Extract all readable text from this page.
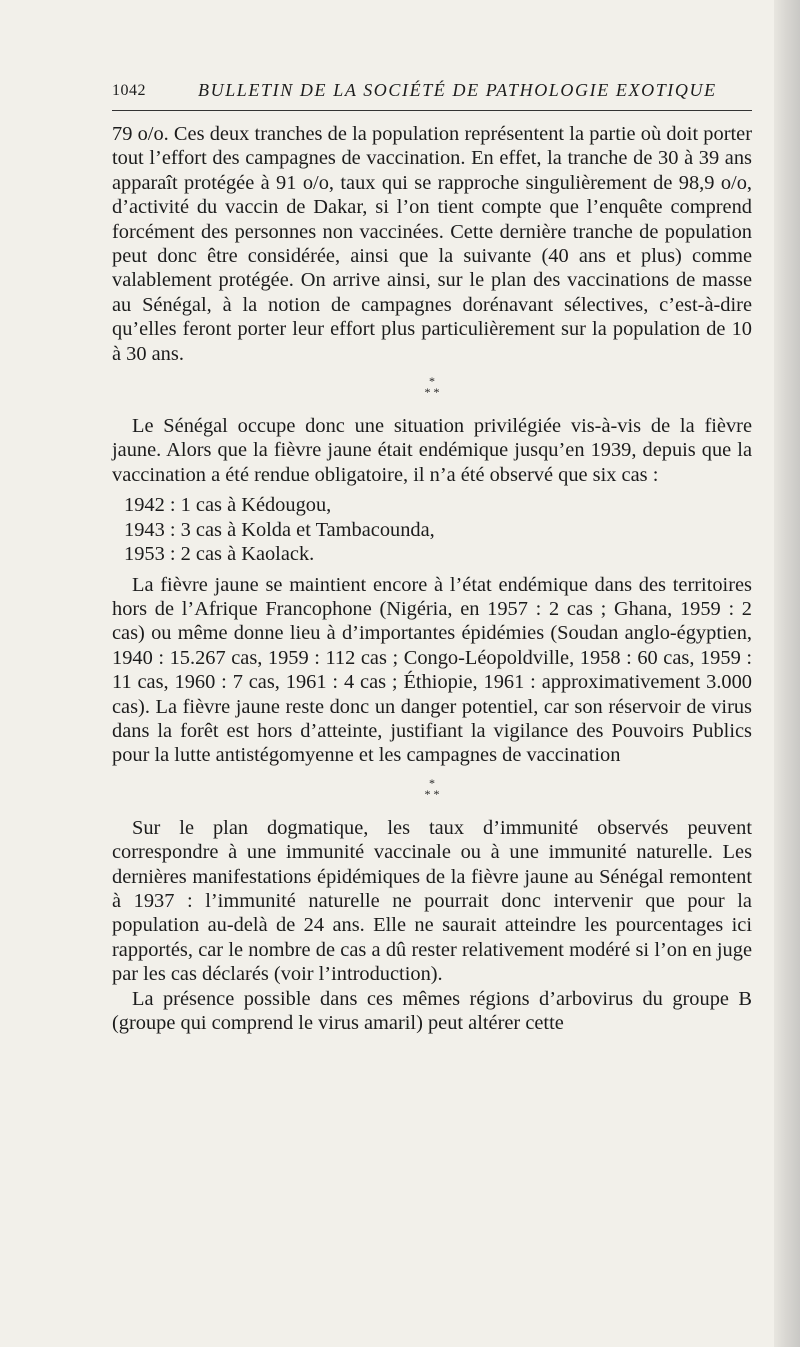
1042	BULLETIN DE LA SOCIÉTÉ DE PATHOLOGIE EXOTIQUE

79 o/o. Ces deux tranches de la population représentent la partie où doit porter tout l’effort des campagnes de vaccination. En effet, la tranche de 30 à 39 ans apparaît protégée à 91 o/o, taux qui se rapproche singulièrement de 98,9 o/o, d’activité du vaccin de Dakar, si l’on tient compte que l’enquête comprend forcément des personnes non vaccinées. Cette dernière tranche de population peut donc être considérée, ainsi que la suivante (40 ans et plus) comme valablement protégée. On arrive ainsi, sur le plan des vaccinations de masse au Sénégal, à la notion de campagnes dorénavant sélectives, c’est-à-dire qu’elles feront porter leur effort plus particulièrement sur la population de 10 à 30 ans.

*
* *

Le Sénégal occupe donc une situation privilégiée vis-à-vis de la fièvre jaune. Alors que la fièvre jaune était endémique jusqu’en 1939, depuis que la vaccination a été rendue obligatoire, il n’a été observé que six cas :

1942 : 1 cas à Kédougou,
1943 : 3 cas à Kolda et Tambacounda,
1953 : 2 cas à Kaolack.

La fièvre jaune se maintient encore à l’état endémique dans des territoires hors de l’Afrique Francophone (Nigéria, en 1957 : 2 cas ; Ghana, 1959 : 2 cas) ou même donne lieu à d’importantes épidémies (Soudan anglo-égyptien, 1940 : 15.267 cas, 1959 : 112 cas ; Congo-Léopoldville, 1958 : 60 cas, 1959 : 11 cas, 1960 : 7 cas, 1961 : 4 cas ; Éthiopie, 1961 : approximativement 3.000 cas). La fièvre jaune reste donc un danger potentiel, car son réservoir de virus dans la forêt est hors d’atteinte, justifiant la vigilance des Pouvoirs Publics pour la lutte antistégomyenne et les campagnes de vaccination

*
* *

Sur le plan dogmatique, les taux d’immunité observés peuvent correspondre à une immunité vaccinale ou à une immunité naturelle. Les dernières manifestations épidémiques de la fièvre jaune au Sénégal remontent à 1937 : l’immunité naturelle ne pourrait donc intervenir que pour la population au-delà de 24 ans. Elle ne saurait atteindre les pourcentages ici rapportés, car le nombre de cas a dû rester relativement modéré si l’on en juge par les cas déclarés (voir l’introduction).

La présence possible dans ces mêmes régions d’arbovirus du groupe B (groupe qui comprend le virus amaril) peut altérer cette
